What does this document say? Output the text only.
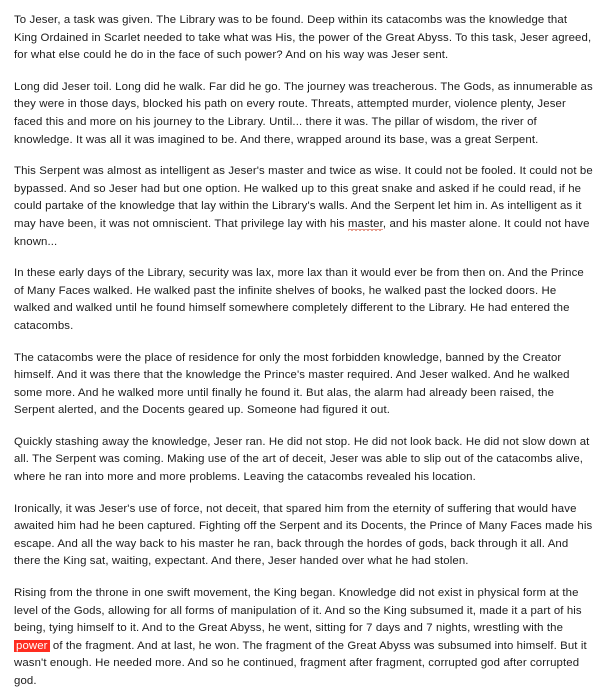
To Jeser, a task was given. The Library was to be found. Deep within its catacombs was the knowledge that King Ordained in Scarlet needed to take what was His, the power of the Great Abyss. To this task, Jeser agreed, for what else could he do in the face of such power? And on his way was Jeser sent.

Long did Jeser toil. Long did he walk. Far did he go. The journey was treacherous. The Gods, as innumerable as they were in those days, blocked his path on every route. Threats, attempted murder, violence plenty, Jeser faced this and more on his journey to the Library. Until... there it was. The pillar of wisdom, the river of knowledge. It was all it was imagined to be. And there, wrapped around its base, was a great Serpent.

This Serpent was almost as intelligent as Jeser's master and twice as wise. It could not be fooled. It could not be bypassed. And so Jeser had but one option. He walked up to this great snake and asked if he could read, if he could partake of the knowledge that lay within the Library's walls. And the Serpent let him in. As intelligent as it may have been, it was not omniscient. That privilege lay with his master, and his master alone. It could not have known...

In these early days of the Library, security was lax, more lax than it would ever be from then on. And the Prince of Many Faces walked. He walked past the infinite shelves of books, he walked past the locked doors. He walked and walked until he found himself somewhere completely different to the Library. He had entered the catacombs.

The catacombs were the place of residence for only the most forbidden knowledge, banned by the Creator himself. And it was there that the knowledge the Prince's master required. And Jeser walked. And he walked some more. And he walked more until finally he found it. But alas, the alarm had already been raised, the Serpent alerted, and the Docents geared up. Someone had figured it out.

Quickly stashing away the knowledge, Jeser ran. He did not stop. He did not look back. He did not slow down at all. The Serpent was coming. Making use of the art of deceit, Jeser was able to slip out of the catacombs alive, where he ran into more and more problems. Leaving the catacombs revealed his location.

Ironically, it was Jeser's use of force, not deceit, that spared him from the eternity of suffering that would have awaited him had he been captured. Fighting off the Serpent and its Docents, the Prince of Many Faces made his escape. And all the way back to his master he ran, back through the hordes of gods, back through it all. And there the King sat, waiting, expectant. And there, Jeser handed over what he had stolen.

Rising from the throne in one swift movement, the King began. Knowledge did not exist in physical form at the level of the Gods, allowing for all forms of manipulation of it. And so the King subsumed it, made it a part of his being, tying himself to it. And to the Great Abyss, he went, sitting for 7 days and 7 nights, wrestling with the power of the fragment. And at last, he won. The fragment of the Great Abyss was subsumed into himself. But it wasn't enough. He needed more. And so he continued, fragment after fragment, corrupted god after corrupted god.
